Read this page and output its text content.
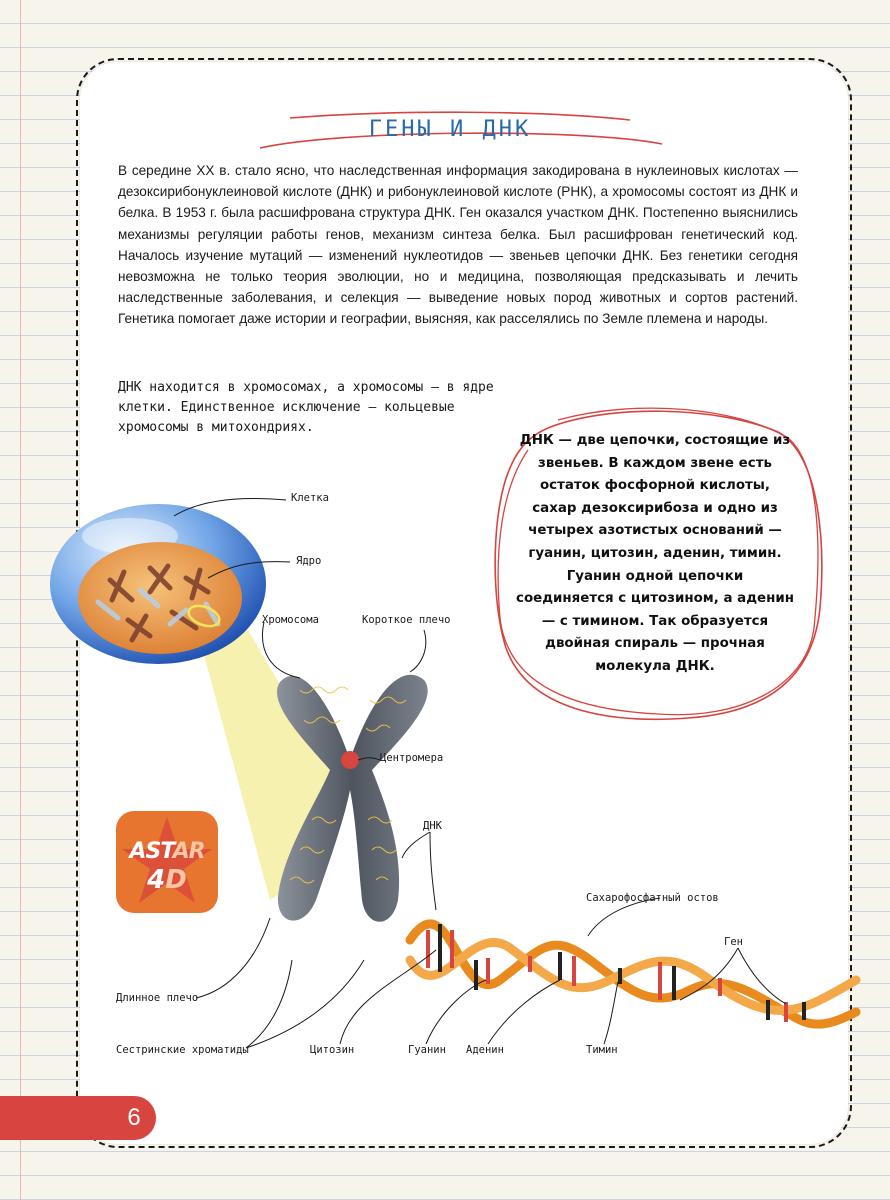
ГЕНЫ И ДНК
В середине XX в. стало ясно, что наследственная информация закодирована в нуклеиновых кислотах — дезоксирибонуклеиновой кислоте (ДНК) и рибонуклеиновой кислоте (РНК), а хромосомы состоят из ДНК и белка. В 1953 г. была расшифрована структура ДНК. Ген оказался участком ДНК. Постепенно выяснились механизмы регуляции работы генов, механизм синтеза белка. Был расшифрован генетический код. Началось изучение мутаций — изменений нуклеотидов — звеньев цепочки ДНК. Без генетики сегодня невозможна не только теория эволюции, но и медицина, позволяющая предсказывать и лечить наследственные заболевания, и селекция — выведение новых пород животных и сортов растений. Генетика помогает даже истории и географии, выясняя, как расселялись по Земле племена и народы.
ДНК находится в хромосомах, а хромосомы — в ядре клетки. Единственное исключение — кольцевые хромосомы в митохондриях.
ДНК — две цепочки, состоящие из звеньев. В каждом звене есть остаток фосфорной кислоты, сахар дезоксирибоза и одно из четырех азотистых оснований — гуанин, цитозин, аденин, тимин. Гуанин одной цепочки соединяется с цитозином, а аденин — с тимином. Так образуется двойная спираль — прочная молекула ДНК.
Клетка
Ядро
Хромосома	Короткое плечо
Центромера
ДНК
Сахарофосфатный остов
Ген
Длинное плечо
Сестринские хроматиды	Цитозин	Гуанин Аденин	Тимин
ASTAR
4D
6
